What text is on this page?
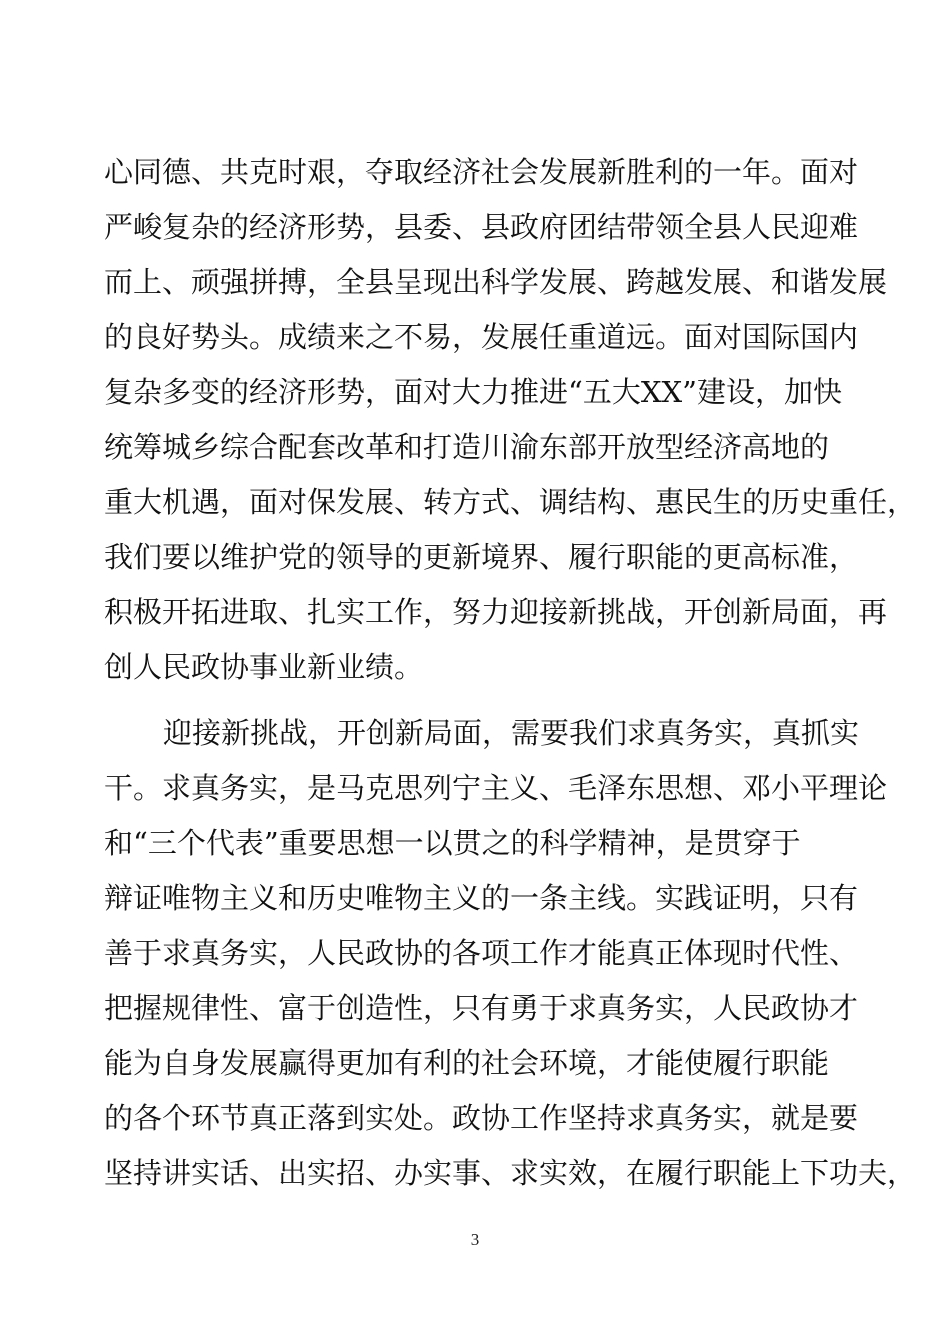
心同德、共克时艰，夺取经济社会发展新胜利的一年。面对
严峻复杂的经济形势，县委、县政府团结带领全县人民迎难
而上、顽强拼搏，全县呈现出科学发展、跨越发展、和谐发展
的良好势头。成绩来之不易，发展任重道远。面对国际国内
复杂多变的经济形势，面对大力推进“五大XX”建设，加快
统筹城乡综合配套改革和打造川渝东部开放型经济高地的
重大机遇，面对保发展、转方式、调结构、惠民生的历史重任，
我们要以维护党的领导的更新境界、履行职能的更高标准，
积极开拓进取、扎实工作，努力迎接新挑战，开创新局面，再
创人民政协事业新业绩。
迎接新挑战，开创新局面，需要我们求真务实，真抓实
干。求真务实，是马克思列宁主义、毛泽东思想、邓小平理论
和“三个代表”重要思想一以贯之的科学精神，是贯穿于
辩证唯物主义和历史唯物主义的一条主线。实践证明，只有
善于求真务实，人民政协的各项工作才能真正体现时代性、
把握规律性、富于创造性，只有勇于求真务实，人民政协才
能为自身发展赢得更加有利的社会环境，才能使履行职能
的各个环节真正落到实处。政协工作坚持求真务实，就是要
坚持讲实话、出实招、办实事、求实效，在履行职能上下功夫，
3
